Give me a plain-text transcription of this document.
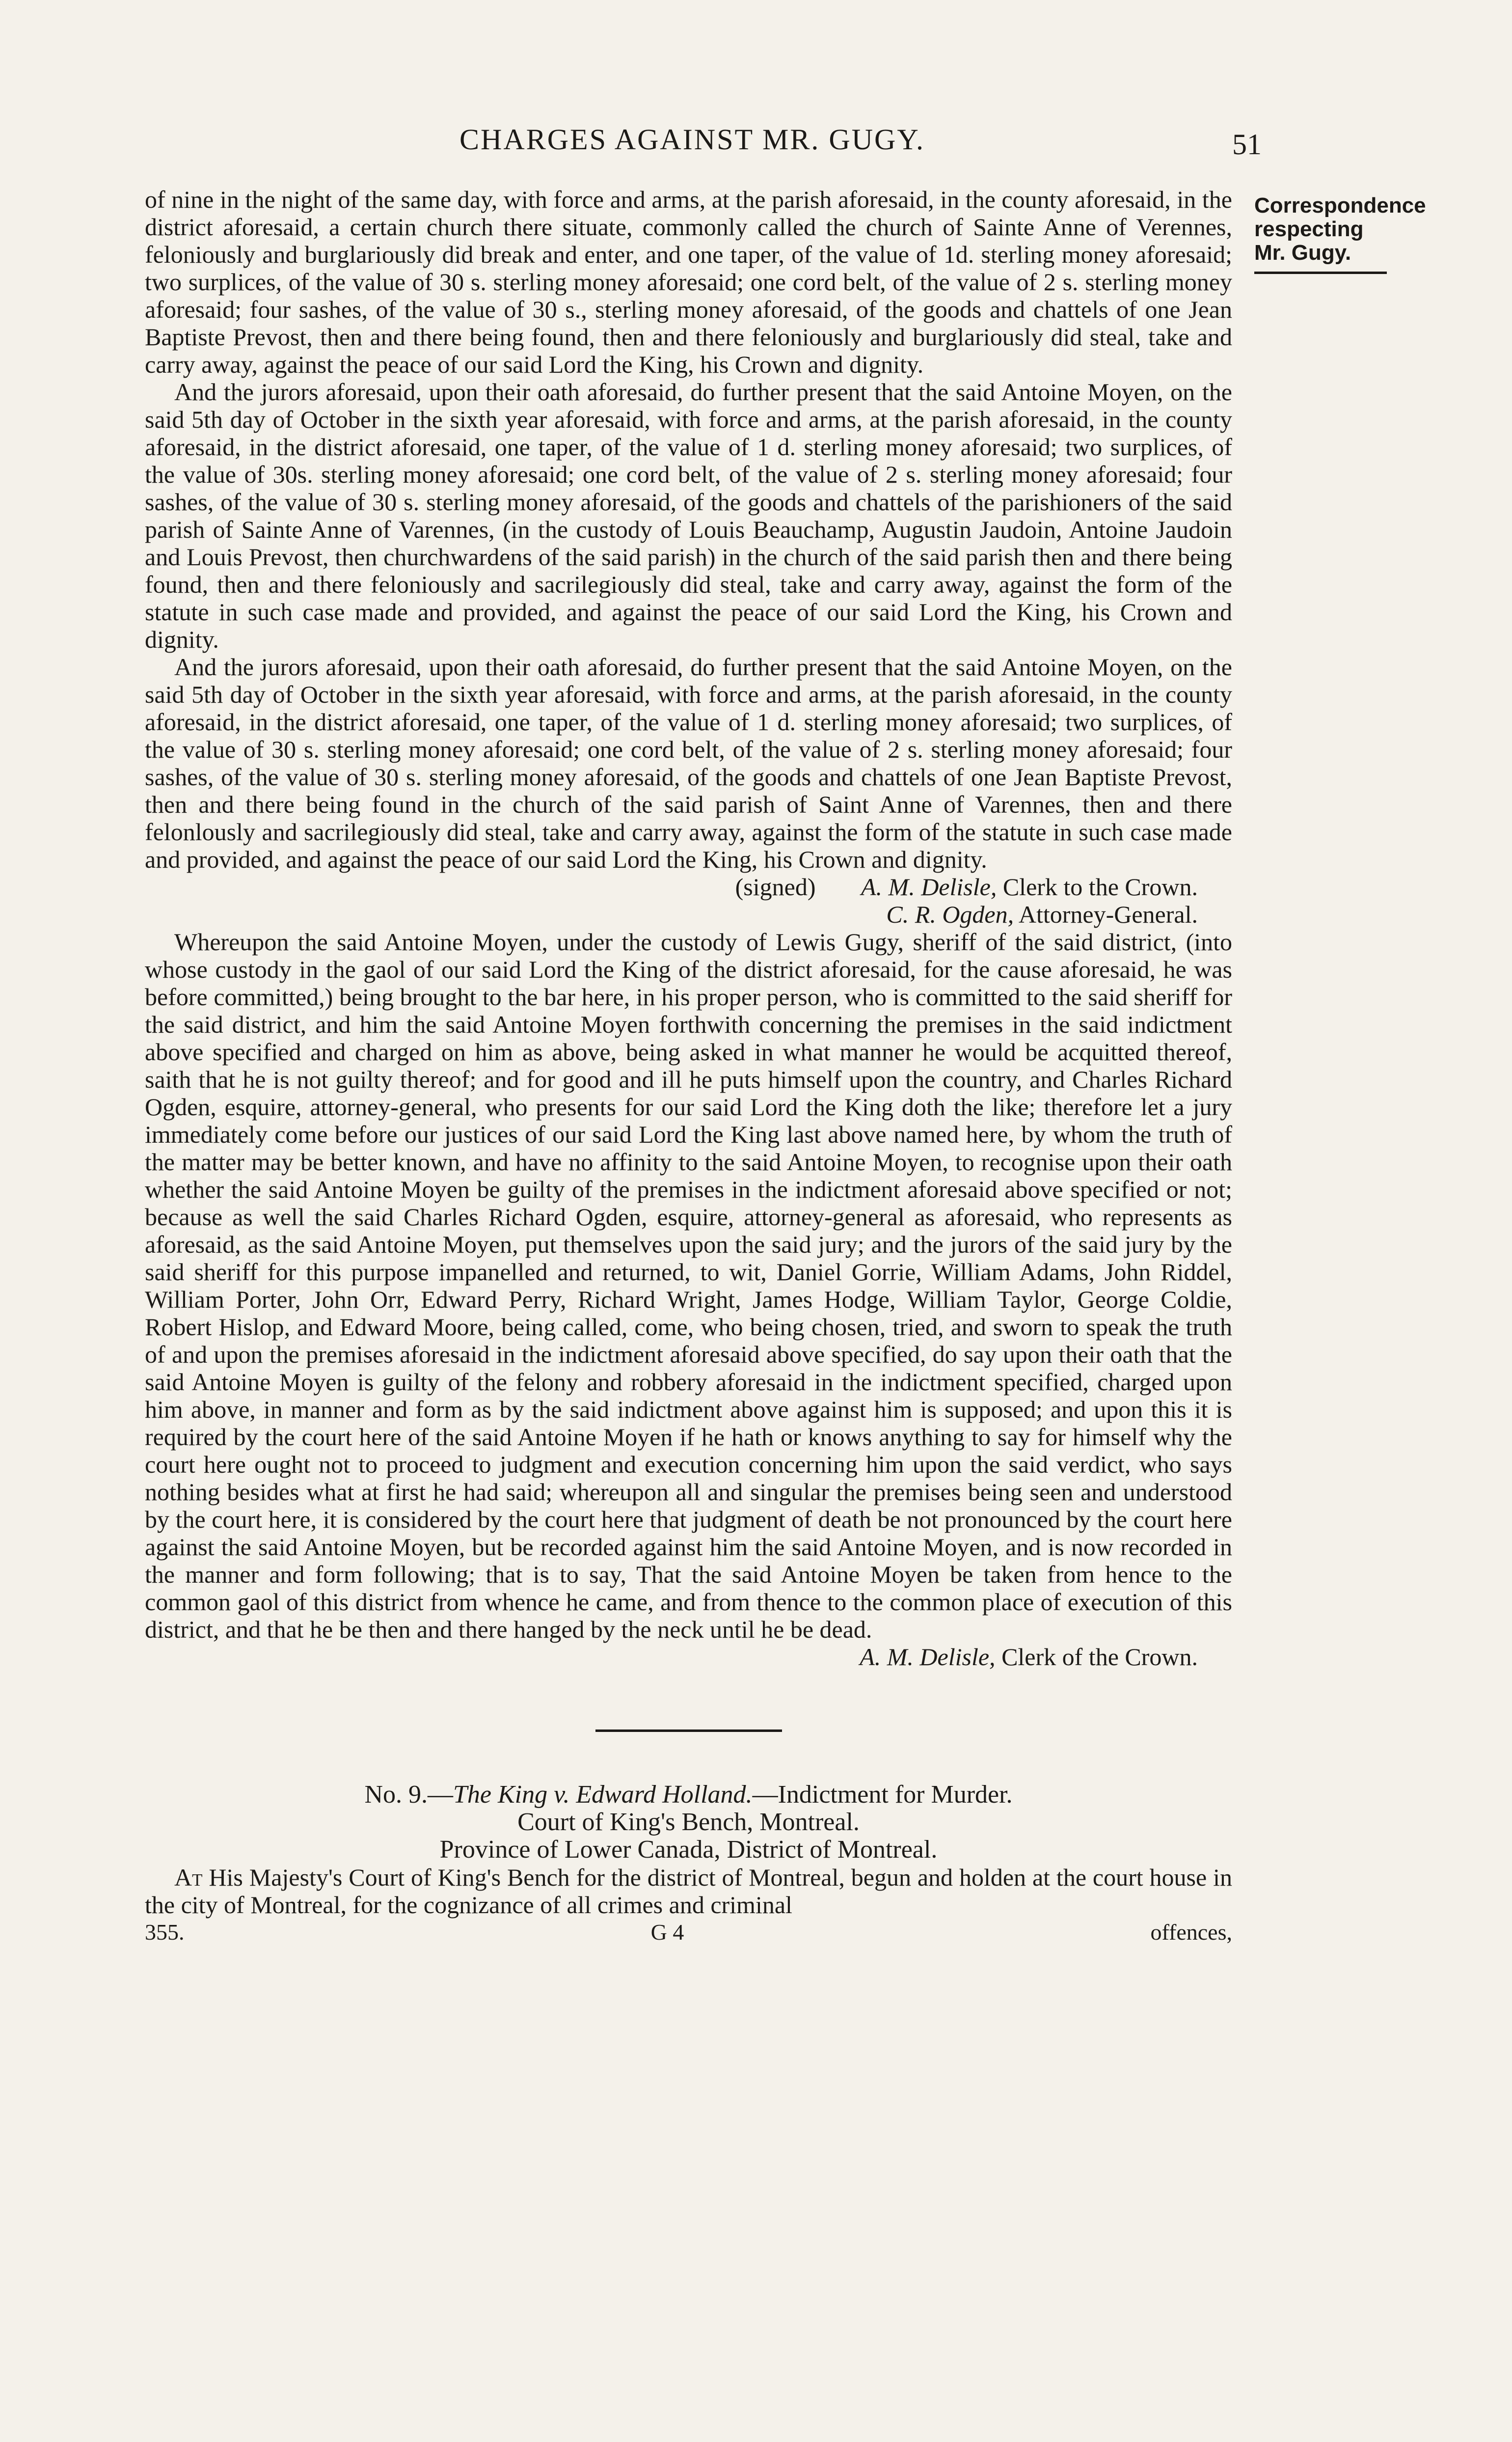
CHARGES AGAINST MR. GUGY.	51
Correspondence
respecting
Mr. Gugy.

of nine in the night of the same day, with force and arms, at the parish aforesaid, in the county aforesaid, in the district aforesaid, a certain church there situate, commonly called the church of Sainte Anne of Verennes, feloniously and burglariously did break and enter, and one taper, of the value of 1d. sterling money aforesaid; two surplices, of the value of 30 s. sterling money aforesaid; one cord belt, of the value of 2 s. sterling money aforesaid; four sashes, of the value of 30 s., sterling money aforesaid, of the goods and chattels of one Jean Baptiste Prevost, then and there being found, then and there feloniously and burglariously did steal, take and carry away, against the peace of our said Lord the King, his Crown and dignity.

And the jurors aforesaid, upon their oath aforesaid, do further present that the said Antoine Moyen, on the said 5th day of October in the sixth year aforesaid, with force and arms, at the parish aforesaid, in the county aforesaid, in the district aforesaid, one taper, of the value of 1 d. sterling money aforesaid; two surplices, of the value of 30s. sterling money aforesaid; one cord belt, of the value of 2 s. sterling money aforesaid; four sashes, of the value of 30 s. sterling money aforesaid, of the goods and chattels of the parishioners of the said parish of Sainte Anne of Varennes, (in the custody of Louis Beauchamp, Augustin Jaudoin, Antoine Jaudoin and Louis Prevost, then churchwardens of the said parish) in the church of the said parish then and there being found, then and there feloniously and sacrilegiously did steal, take and carry away, against the form of the statute in such case made and provided, and against the peace of our said Lord the King, his Crown and dignity.

And the jurors aforesaid, upon their oath aforesaid, do further present that the said Antoine Moyen, on the said 5th day of October in the sixth year aforesaid, with force and arms, at the parish aforesaid, in the county aforesaid, in the district aforesaid, one taper, of the value of 1 d. sterling money aforesaid; two surplices, of the value of 30 s. sterling money aforesaid; one cord belt, of the value of 2 s. sterling money aforesaid; four sashes, of the value of 30 s. sterling money aforesaid, of the goods and chattels of one Jean Baptiste Prevost, then and there being found in the church of the said parish of Saint Anne of Varennes, then and there felonlously and sacrilegiously did steal, take and carry away, against the form of the statute in such case made and provided, and against the peace of our said Lord the King, his Crown and dignity.

(signed) A. M. Delisle, Clerk to the Crown.

C. R. Ogden, Attorney-General.

Whereupon the said Antoine Moyen, under the custody of Lewis Gugy, sheriff of the said district, (into whose custody in the gaol of our said Lord the King of the district aforesaid, for the cause aforesaid, he was before committed,) being brought to the bar here, in his proper person, who is committed to the said sheriff for the said district, and him the said Antoine Moyen forthwith concerning the premises in the said indictment above specified and charged on him as above, being asked in what manner he would be acquitted thereof, saith that he is not guilty thereof; and for good and ill he puts himself upon the country, and Charles Richard Ogden, esquire, attorney-general, who presents for our said Lord the King doth the like; therefore let a jury immediately come before our justices of our said Lord the King last above named here, by whom the truth of the matter may be better known, and have no affinity to the said Antoine Moyen, to recognise upon their oath whether the said Antoine Moyen be guilty of the premises in the indictment aforesaid above specified or not; because as well the said Charles Richard Ogden, esquire, attorney-general as aforesaid, who represents as aforesaid, as the said Antoine Moyen, put themselves upon the said jury; and the jurors of the said jury by the said sheriff for this purpose impanelled and returned, to wit, Daniel Gorrie, William Adams, John Riddel, William Porter, John Orr, Edward Perry, Richard Wright, James Hodge, William Taylor, George Coldie, Robert Hislop, and Edward Moore, being called, come, who being chosen, tried, and sworn to speak the truth of and upon the premises aforesaid in the indictment aforesaid above specified, do say upon their oath that the said Antoine Moyen is guilty of the felony and robbery aforesaid in the indictment specified, charged upon him above, in manner and form as by the said indictment above against him is supposed; and upon this it is required by the court here of the said Antoine Moyen if he hath or knows anything to say for himself why the court here ought not to proceed to judgment and execution concerning him upon the said verdict, who says nothing besides what at first he had said; whereupon all and singular the premises being seen and understood by the court here, it is considered by the court here that judgment of death be not pronounced by the court here against the said Antoine Moyen, but be recorded against him the said Antoine Moyen, and is now recorded in the manner and form following; that is to say, That the said Antoine Moyen be taken from hence to the common gaol of this district from whence he came, and from thence to the common place of execution of this district, and that he be then and there hanged by the neck until he be dead.

A. M. Delisle, Clerk of the Crown.

No. 9.—The King v. Edward Holland.—Indictment for Murder.

Court of King's Bench, Montreal.

Province of Lower Canada, District of Montreal.

At His Majesty's Court of King's Bench for the district of Montreal, begun and holden at the court house in the city of Montreal, for the cognizance of all crimes and criminal

355.	G 4	offences,
